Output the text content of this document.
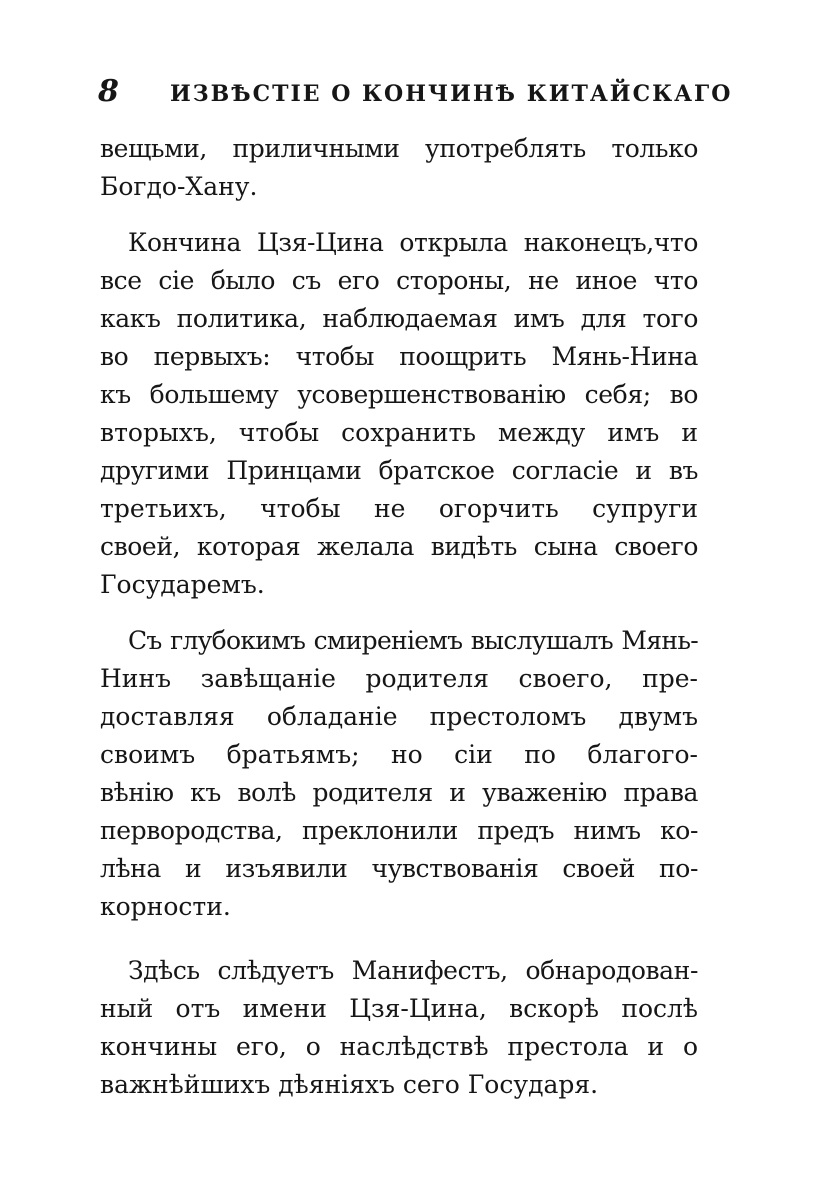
8 ИЗВѢСТІЕ О КОНЧИНѢ КИТАЙСКАГО
вещьми, приличными употреблять только
Богдо-Хану.
Кончина Цзя-Цина открыла наконецъ,что
все сіе было съ его стороны, не иное что
какъ политика, наблюдаемая имъ для того
во первыхъ: чтобы поощрить Мянь-Нина
къ большему усовершенствованію себя; во
вторыхъ, чтобы сохранить между имъ и
другими Принцами братское согласіе и въ
третьихъ, чтобы не огорчить супруги
своей, которая желала видѣть сына своего
Государемъ.
Съ глубокимъ смиреніемъ выслушалъ Мянь-
Нинъ завѣщаніе родителя своего, пре-
доставляя обладаніе престоломъ двумъ
своимъ братьямъ; но сіи по благого-
вѣнію къ волѣ родителя и уваженію права
первородства, преклонили предъ нимъ ко-
лѣна и изъявили чувствованія своей по-
корности.
Здѣсь слѣдуетъ Манифестъ, обнародован-
ный отъ имени Цзя-Цина, вскорѣ послѣ
кончины его, о наслѣдствѣ престола и о
важнѣйшихъ дѣяніяхъ сего Государя.
